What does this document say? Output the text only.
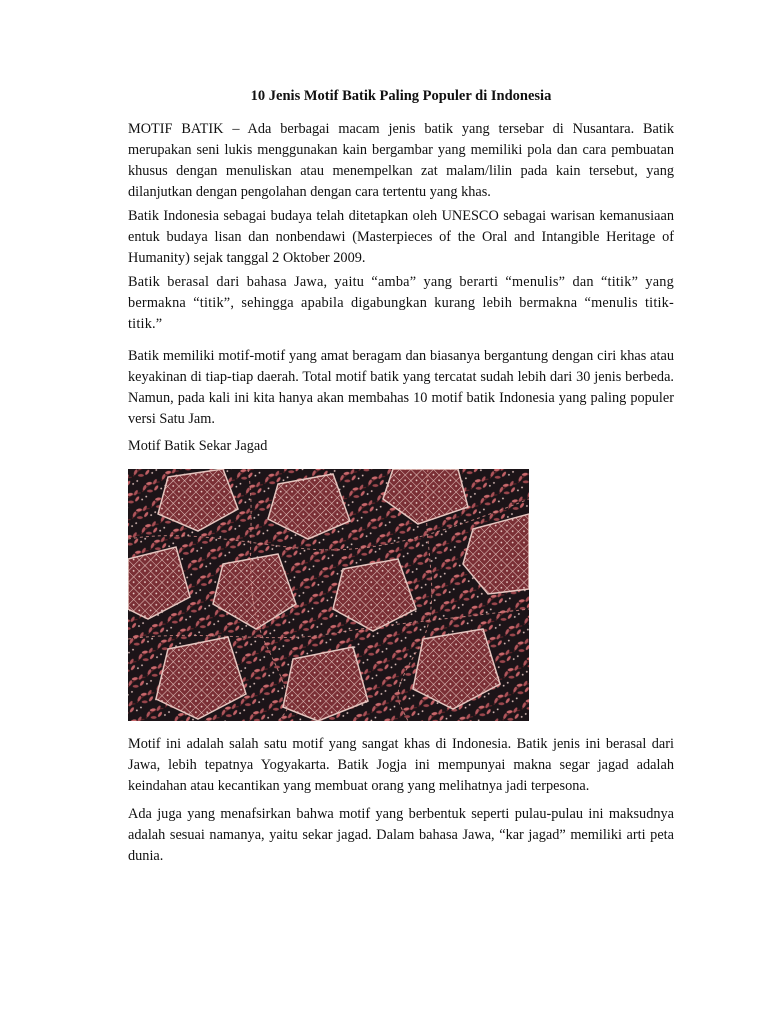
10 Jenis Motif Batik Paling Populer di Indonesia

MOTIF BATIK – Ada berbagai macam jenis batik yang tersebar di Nusantara. Batik merupakan seni lukis menggunakan kain bergambar yang memiliki pola dan cara pembuatan khusus dengan menuliskan atau menempelkan zat malam/lilin pada kain tersebut, yang dilanjutkan dengan pengolahan dengan cara tertentu yang khas.

Batik Indonesia sebagai budaya telah ditetapkan oleh UNESCO sebagai warisan kemanusiaan entuk budaya lisan dan nonbendawi (Masterpieces of the Oral and Intangible Heritage of Humanity) sejak tanggal 2 Oktober 2009.

Batik berasal dari bahasa Jawa, yaitu “amba” yang berarti “menulis” dan “titik” yang bermakna “titik”, sehingga apabila digabungkan kurang lebih bermakna “menulis titik-titik.”

Batik memiliki motif-motif yang amat beragam dan biasanya bergantung dengan ciri khas atau keyakinan di tiap-tiap daerah. Total motif batik yang tercatat sudah lebih dari 30 jenis berbeda. Namun, pada kali ini kita hanya akan membahas 10 motif batik Indonesia yang paling populer versi Satu Jam.

Motif Batik Sekar Jagad

Motif ini adalah salah satu motif yang sangat khas di Indonesia. Batik jenis ini berasal dari Jawa, lebih tepatnya Yogyakarta. Batik Jogja ini mempunyai makna segar jagad adalah keindahan atau kecantikan yang membuat orang yang melihatnya jadi terpesona.

Ada juga yang menafsirkan bahwa motif yang berbentuk seperti pulau-pulau ini maksudnya adalah sesuai namanya, yaitu sekar jagad. Dalam bahasa Jawa, “kar jagad” memiliki arti peta dunia.
